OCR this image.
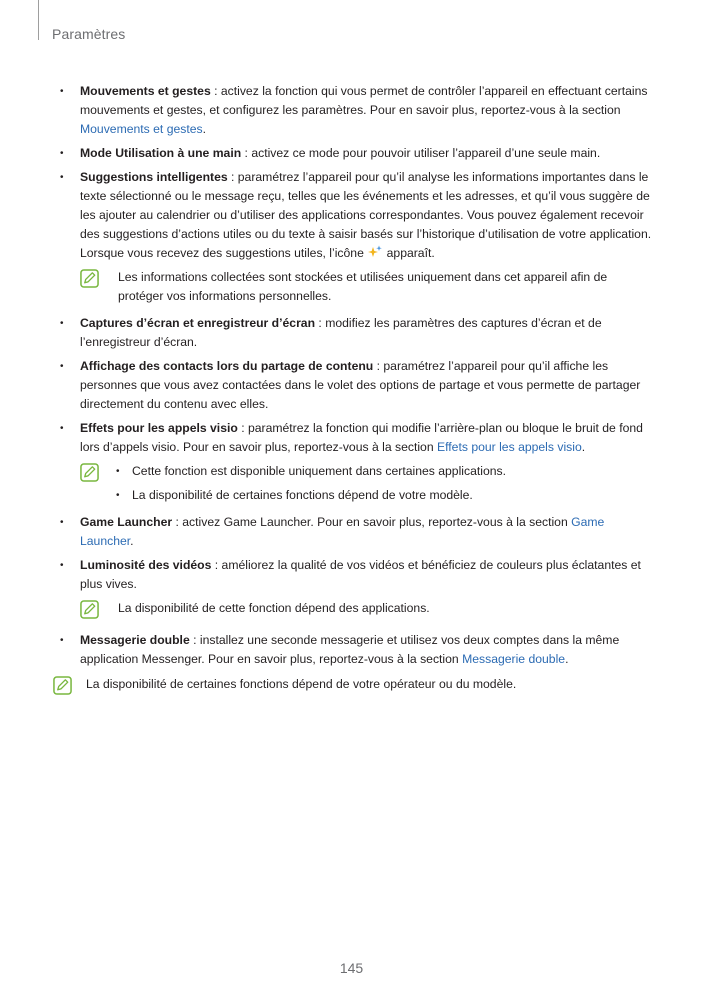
Paramètres
•	Mouvements et gestes : activez la fonction qui vous permet de contrôler l’appareil en effectuant certains mouvements et gestes, et configurez les paramètres. Pour en savoir plus, reportez-vous à la section Mouvements et gestes.
•	Mode Utilisation à une main : activez ce mode pour pouvoir utiliser l’appareil d’une seule main.
•	Suggestions intelligentes : paramétrez l’appareil pour qu’il analyse les informations importantes dans le texte sélectionné ou le message reçu, telles que les événements et les adresses, et qu’il vous suggère de les ajouter au calendrier ou d’utiliser des applications correspondantes. Vous pouvez également recevoir des suggestions d’actions utiles ou du texte à saisir basés sur l’historique d’utilisation de votre application. Lorsque vous recevez des suggestions utiles, l’icône  apparaît.
Les informations collectées sont stockées et utilisées uniquement dans cet appareil afin de protéger vos informations personnelles.
•	Captures d’écran et enregistreur d’écran : modifiez les paramètres des captures d’écran et de l’enregistreur d’écran.
•	Affichage des contacts lors du partage de contenu : paramétrez l’appareil pour qu’il affiche les personnes que vous avez contactées dans le volet des options de partage et vous permette de partager directement du contenu avec elles.
•	Effets pour les appels visio : paramétrez la fonction qui modifie l’arrière-plan ou bloque le bruit de fond lors d’appels visio. Pour en savoir plus, reportez-vous à la section Effets pour les appels visio.
•	Cette fonction est disponible uniquement dans certaines applications.
•	La disponibilité de certaines fonctions dépend de votre modèle.
•	Game Launcher : activez Game Launcher. Pour en savoir plus, reportez-vous à la section Game Launcher.
•	Luminosité des vidéos : améliorez la qualité de vos vidéos et bénéficiez de couleurs plus éclatantes et plus vives.
La disponibilité de cette fonction dépend des applications.
•	Messagerie double : installez une seconde messagerie et utilisez vos deux comptes dans la même application Messenger. Pour en savoir plus, reportez-vous à la section Messagerie double.
La disponibilité de certaines fonctions dépend de votre opérateur ou du modèle.
145
